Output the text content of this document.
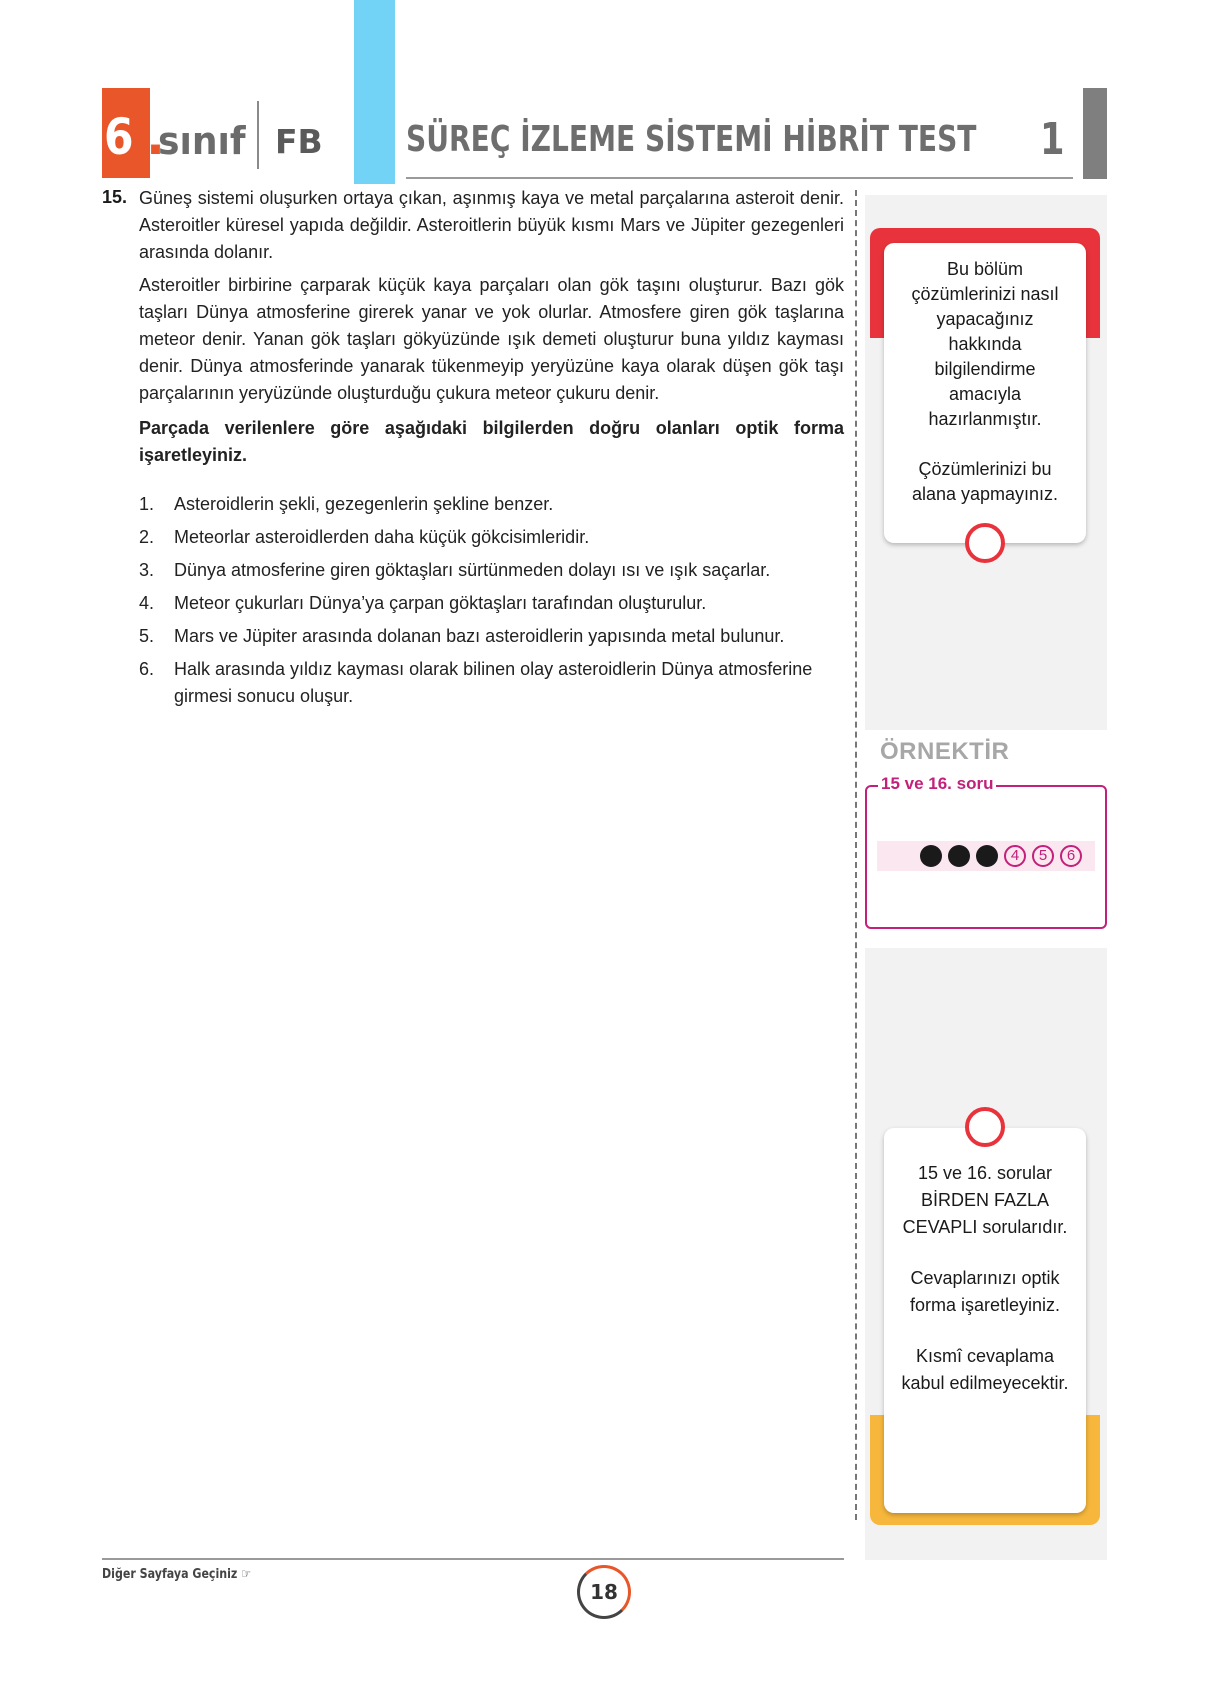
6 .
sınıf FB SÜREÇ İZLEME SİSTEMİ HİBRİT TEST 1
15. Güneş sistemi oluşurken ortaya çıkan, aşınmış kaya ve metal parçalarına asteroit denir. Asteroitler küresel yapıda değildir. Asteroitlerin büyük kısmı Mars ve Jüpiter gezegenleri arasında dolanır.

Asteroitler birbirine çarparak küçük kaya parçaları olan gök taşını oluşturur. Bazı gök taşları Dünya atmosferine girerek yanar ve yok olurlar. Atmosfere giren gök taşlarına meteor denir. Yanan gök taşları gökyüzünde ışık demeti oluşturur buna yıldız kayması denir. Dünya atmosferinde yanarak tükenmeyip yeryüzüne kaya olarak düşen gök taşı parçalarının yeryüzünde oluşturduğu çukura meteor çukuru denir.

Parçada verilenlere göre aşağıdaki bilgilerden doğru olanları optik forma işaretleyiniz.

1. Asteroidlerin şekli, gezegenlerin şekline benzer.
2. Meteorlar asteroidlerden daha küçük gökcisimleridir.
3. Dünya atmosferine giren göktaşları sürtünmeden dolayı ısı ve ışık saçarlar.
4. Meteor çukurları Dünya’ya çarpan göktaşları tarafından oluşturulur.
5. Mars ve Jüpiter arasında dolanan bazı asteroidlerin yapısında metal bulunur.
6. Halk arasında yıldız kayması olarak bilinen olay asteroidlerin Dünya atmosferine girmesi sonucu oluşur.
Bu bölüm çözümlerinizi nasıl yapacağınız hakkında bilgilendirme amacıyla hazırlanmıştır.
Çözümlerinizi bu alana yapmayınız.
ÖRNEKTİR
15 ve 16. soru
4	5	6
15 ve 16. sorular BİRDEN FAZLA CEVAPLI sorularıdır.
Cevaplarınızı optik forma işaretleyiniz.
Kısmî cevaplama kabul edilmeyecektir.
Diğer Sayfaya Geçiniz ☞
18
